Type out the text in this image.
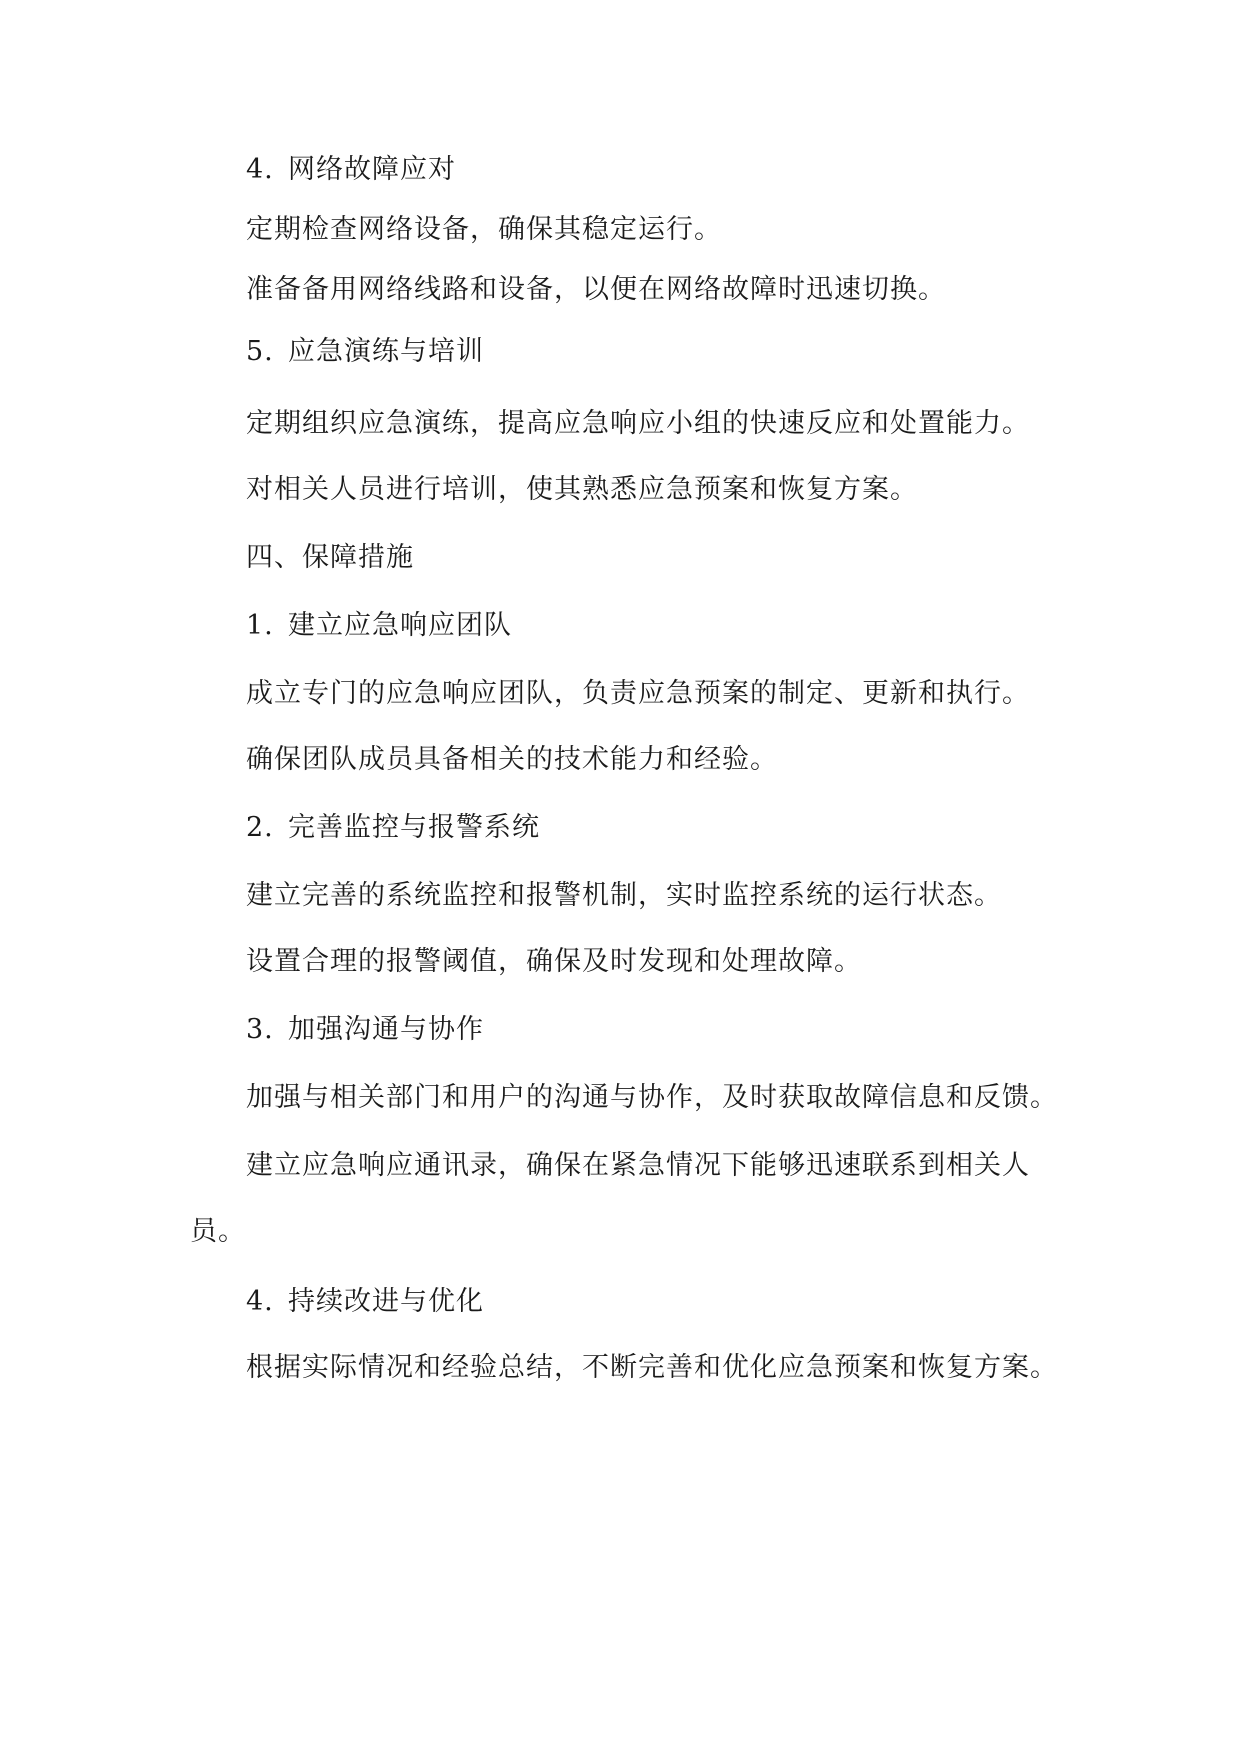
4. 网络故障应对

定期检查网络设备，确保其稳定运行。

准备备用网络线路和设备，以便在网络故障时迅速切换。

5. 应急演练与培训

定期组织应急演练，提高应急响应小组的快速反应和处置能力。

对相关人员进行培训，使其熟悉应急预案和恢复方案。

四、保障措施

1. 建立应急响应团队

成立专门的应急响应团队，负责应急预案的制定、更新和执行。

确保团队成员具备相关的技术能力和经验。

2. 完善监控与报警系统

建立完善的系统监控和报警机制，实时监控系统的运行状态。

设置合理的报警阈值，确保及时发现和处理故障。

3. 加强沟通与协作

加强与相关部门和用户的沟通与协作，及时获取故障信息和反馈。

建立应急响应通讯录，确保在紧急情况下能够迅速联系到相关人

员。

4. 持续改进与优化

根据实际情况和经验总结，不断完善和优化应急预案和恢复方案。
